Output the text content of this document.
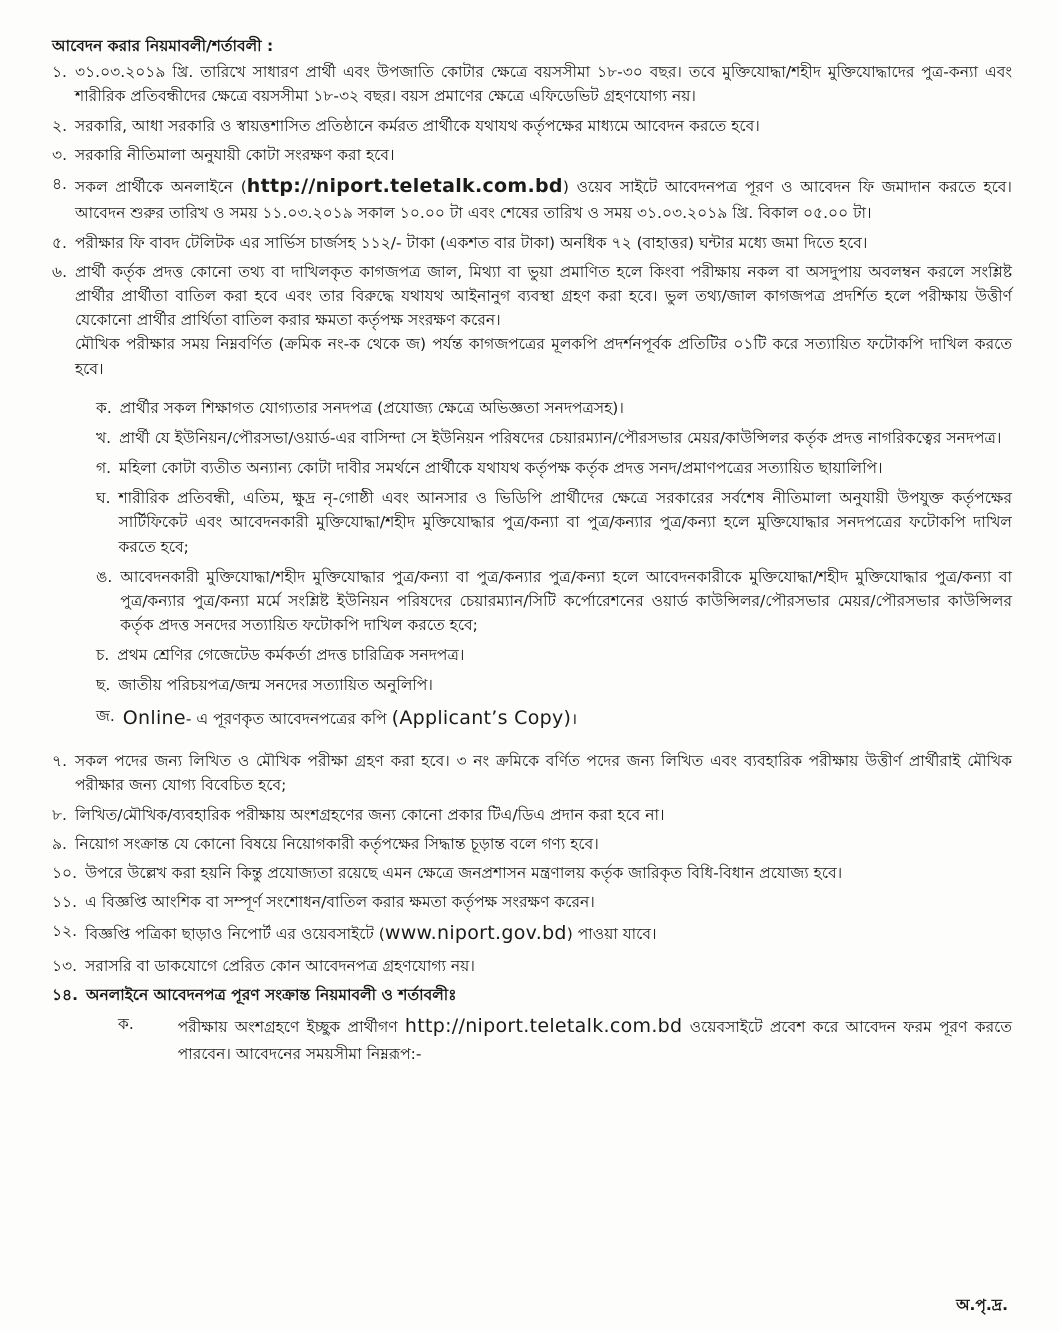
আবেদন করার নিয়মাবলী/শর্তাবলী :
১. ৩১.০৩.২০১৯ খ্রি. তারিখে সাধারণ প্রার্থী এবং উপজাতি কোটার ক্ষেত্রে বয়সসীমা ১৮-৩০ বছর। তবে মুক্তিযোদ্ধা/শহীদ মুক্তিযোদ্ধাদের পুত্র-কন্যা এবং শারীরিক প্রতিবন্ধীদের ক্ষেত্রে বয়সসীমা ১৮-৩২ বছর। বয়স প্রমাণের ক্ষেত্রে এফিডেভিট গ্রহণযোগ্য নয়।
২. সরকারি, আধা সরকারি ও স্বায়ত্তশাসিত প্রতিষ্ঠানে কর্মরত প্রার্থীকে যথাযথ কর্তৃপক্ষের মাধ্যমে আবেদন করতে হবে।
৩. সরকারি নীতিমালা অনুযায়ী কোটা সংরক্ষণ করা হবে।
৪. সকল প্রার্থীকে অনলাইনে (http://niport.teletalk.com.bd) ওয়েব সাইটে আবেদনপত্র পূরণ ও আবেদন ফি জমাদান করতে হবে। আবেদন শুরুর তারিখ ও সময় ১১.০৩.২০১৯ সকাল ১০.০০ টা এবং শেষের তারিখ ও সময় ৩১.০৩.২০১৯ খ্রি. বিকাল ০৫.০০ টা।
৫. পরীক্ষার ফি বাবদ টেলিটক এর সার্ভিস চার্জসহ ১১২/- টাকা (একশত বার টাকা) অনধিক ৭২ (বাহাত্তর) ঘন্টার মধ্যে জমা দিতে হবে।
৬. প্রার্থী কর্তৃক প্রদত্ত কোনো তথ্য বা দাখিলকৃত কাগজপত্র জাল, মিথ্যা বা ভুয়া প্রমাণিত হলে কিংবা পরীক্ষায় নকল বা অসদুপায় অবলম্বন করলে সংশ্লিষ্ট প্রার্থীর প্রার্থীতা বাতিল করা হবে এবং তার বিরুদ্ধে যথাযথ আইনানুগ ব্যবস্থা গ্রহণ করা হবে। ভুল তথ্য/জাল কাগজপত্র প্রদর্শিত হলে পরীক্ষায় উত্তীর্ণ যেকোনো প্রার্থীর প্রার্থিতা বাতিল করার ক্ষমতা কর্তৃপক্ষ সংরক্ষণ করেন।
মৌখিক পরীক্ষার সময় নিম্নবর্ণিত (ক্রমিক নং-ক থেকে জ) পর্যন্ত কাগজপত্রের মূলকপি প্রদর্শনপূর্বক প্রতিটির ০১টি করে সত্যায়িত ফটোকপি দাখিল করতে হবে।
ক. প্রার্থীর সকল শিক্ষাগত যোগ্যতার সনদপত্র (প্রযোজ্য ক্ষেত্রে অভিজ্ঞতা সনদপত্রসহ)।
খ. প্রার্থী যে ইউনিয়ন/পৌরসভা/ওয়ার্ড-এর বাসিন্দা সে ইউনিয়ন পরিষদের চেয়ারম্যান/পৌরসভার মেয়র/কাউন্সিলর কর্তৃক প্রদত্ত নাগরিকত্বের সনদপত্র।
গ. মহিলা কোটা ব্যতীত অন্যান্য কোটা দাবীর সমর্থনে প্রার্থীকে যথাযথ কর্তৃপক্ষ কর্তৃক প্রদত্ত সনদ/প্রমাণপত্রের সত্যায়িত ছায়ালিপি।
ঘ. শারীরিক প্রতিবন্ধী, এতিম, ক্ষুদ্র নৃ-গোষ্ঠী এবং আনসার ও ভিডিপি প্রার্থীদের ক্ষেত্রে সরকারের সর্বশেষ নীতিমালা অনুযায়ী উপযুক্ত কর্তৃপক্ষের সার্টিফিকেট এবং আবেদনকারী মুক্তিযোদ্ধা/শহীদ মুক্তিযোদ্ধার পুত্র/কন্যা বা পুত্র/কন্যার পুত্র/কন্যা হলে মুক্তিযোদ্ধার সনদপত্রের ফটোকপি দাখিল করতে হবে;
ঙ. আবেদনকারী মুক্তিযোদ্ধা/শহীদ মুক্তিযোদ্ধার পুত্র/কন্যা বা পুত্র/কন্যার পুত্র/কন্যা হলে আবেদনকারীকে মুক্তিযোদ্ধা/শহীদ মুক্তিযোদ্ধার পুত্র/কন্যা বা পুত্র/কন্যার পুত্র/কন্যা মর্মে সংশ্লিষ্ট ইউনিয়ন পরিষদের চেয়ারম্যান/সিটি কর্পোরেশনের ওয়ার্ড কাউন্সিলর/পৌরসভার মেয়র/পৌরসভার কাউন্সিলর কর্তৃক প্রদত্ত সনদের সত্যায়িত ফটোকপি দাখিল করতে হবে;
চ. প্রথম শ্রেণির গেজেটেড কর্মকর্তা প্রদত্ত চারিত্রিক সনদপত্র।
ছ. জাতীয় পরিচয়পত্র/জন্ম সনদের সত্যায়িত অনুলিপি।
জ. Online- এ পূরণকৃত আবেদনপত্রের কপি (Applicant’s Copy)।
৭. সকল পদের জন্য লিখিত ও মৌখিক পরীক্ষা গ্রহণ করা হবে। ৩ নং ক্রমিকে বর্ণিত পদের জন্য লিখিত এবং ব্যবহারিক পরীক্ষায় উত্তীর্ণ প্রার্থীরাই মৌখিক পরীক্ষার জন্য যোগ্য বিবেচিত হবে;
৮. লিখিত/মৌখিক/ব্যবহারিক পরীক্ষায় অংশগ্রহণের জন্য কোনো প্রকার টিএ/ডিএ প্রদান করা হবে না।
৯. নিয়োগ সংক্রান্ত যে কোনো বিষয়ে নিয়োগকারী কর্তৃপক্ষের সিদ্ধান্ত চূড়ান্ত বলে গণ্য হবে।
১০. উপরে উল্লেখ করা হয়নি কিন্তু প্রযোজ্যতা রয়েছে এমন ক্ষেত্রে জনপ্রশাসন মন্ত্রণালয় কর্তৃক জারিকৃত বিধি-বিধান প্রযোজ্য হবে।
১১. এ বিজ্ঞপ্তি আংশিক বা সম্পূর্ণ সংশোধন/বাতিল করার ক্ষমতা কর্তৃপক্ষ সংরক্ষণ করেন।
১২. বিজ্ঞপ্তি পত্রিকা ছাড়াও নিপোর্ট এর ওয়েবসাইটে (www.niport.gov.bd) পাওয়া যাবে।
১৩. সরাসরি বা ডাকযোগে প্রেরিত কোন আবেদনপত্র গ্রহণযোগ্য নয়।
১৪. অনলাইনে আবেদনপত্র পূরণ সংক্রান্ত নিয়মাবলী ও শর্তাবলীঃ
ক.	পরীক্ষায় অংশগ্রহণে ইচ্ছুক প্রার্থীগণ http://niport.teletalk.com.bd ওয়েবসাইটে প্রবেশ করে আবেদন ফরম পূরণ করতে পারবেন। আবেদনের সময়সীমা নিম্নরূপ:-
অ.পৃ.দ্র.
